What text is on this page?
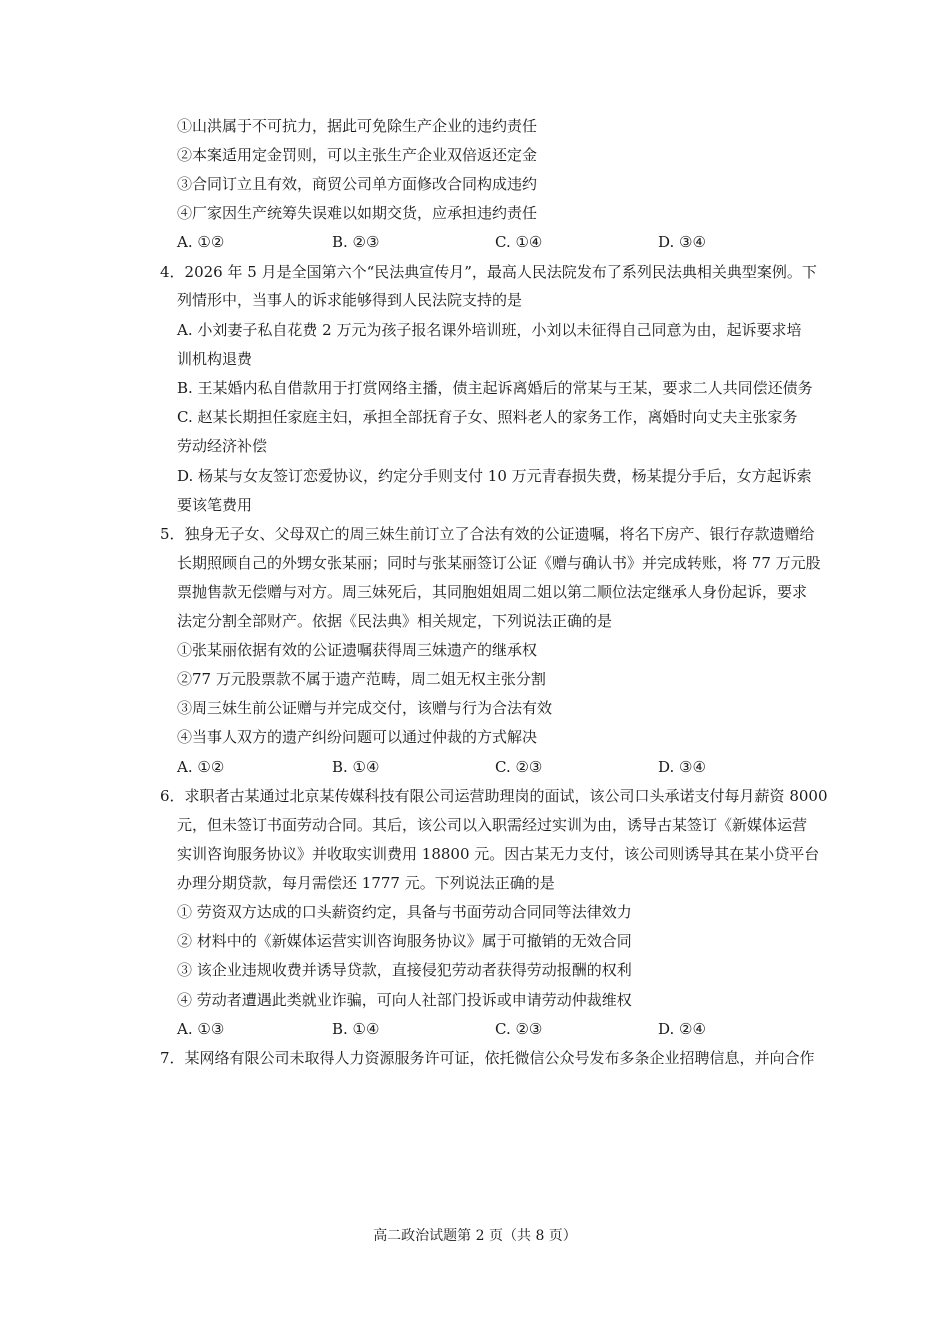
①山洪属于不可抗力，据此可免除生产企业的违约责任
②本案适用定金罚则，可以主张生产企业双倍返还定金
③合同订立且有效，商贸公司单方面修改合同构成违约
④厂家因生产统筹失误难以如期交货，应承担违约责任
A. ①②	B. ②③	C. ①④	D. ③④
4．2026 年 5 月是全国第六个“民法典宣传月”，最高人民法院发布了系列民法典相关典型案例。下
列情形中，当事人的诉求能够得到人民法院支持的是
A. 小刘妻子私自花费 2 万元为孩子报名课外培训班，小刘以未征得自己同意为由，起诉要求培
训机构退费
B. 王某婚内私自借款用于打赏网络主播，债主起诉离婚后的常某与王某，要求二人共同偿还债务
C. 赵某长期担任家庭主妇，承担全部抚育子女、照料老人的家务工作，离婚时向丈夫主张家务
劳动经济补偿
D. 杨某与女友签订恋爱协议，约定分手则支付 10 万元青春损失费，杨某提分手后，女方起诉索
要该笔费用
5．独身无子女、父母双亡的周三妹生前订立了合法有效的公证遗嘱，将名下房产、银行存款遗赠给
长期照顾自己的外甥女张某丽；同时与张某丽签订公证《赠与确认书》并完成转账，将 77 万元股
票抛售款无偿赠与对方。周三妹死后，其同胞姐姐周二姐以第二顺位法定继承人身份起诉，要求
法定分割全部财产。依据《民法典》相关规定，下列说法正确的是
①张某丽依据有效的公证遗嘱获得周三妹遗产的继承权
②77 万元股票款不属于遗产范畴，周二姐无权主张分割
③周三妹生前公证赠与并完成交付，该赠与行为合法有效
④当事人双方的遗产纠纷问题可以通过仲裁的方式解决
A. ①②	B. ①④	C. ②③	D. ③④
6．求职者古某通过北京某传媒科技有限公司运营助理岗的面试，该公司口头承诺支付每月薪资 8000
元，但未签订书面劳动合同。其后，该公司以入职需经过实训为由，诱导古某签订《新媒体运营
实训咨询服务协议》并收取实训费用 18800 元。因古某无力支付，该公司则诱导其在某小贷平台
办理分期贷款，每月需偿还 1777 元。下列说法正确的是
① 劳资双方达成的口头薪资约定，具备与书面劳动合同同等法律效力
② 材料中的《新媒体运营实训咨询服务协议》属于可撤销的无效合同
③ 该企业违规收费并诱导贷款，直接侵犯劳动者获得劳动报酬的权利
④ 劳动者遭遇此类就业诈骗，可向人社部门投诉或申请劳动仲裁维权
A. ①③	B. ①④	C. ②③	D. ②④
7．某网络有限公司未取得人力资源服务许可证，依托微信公众号发布多条企业招聘信息，并向合作
高二政治试题第 2 页（共 8 页）
